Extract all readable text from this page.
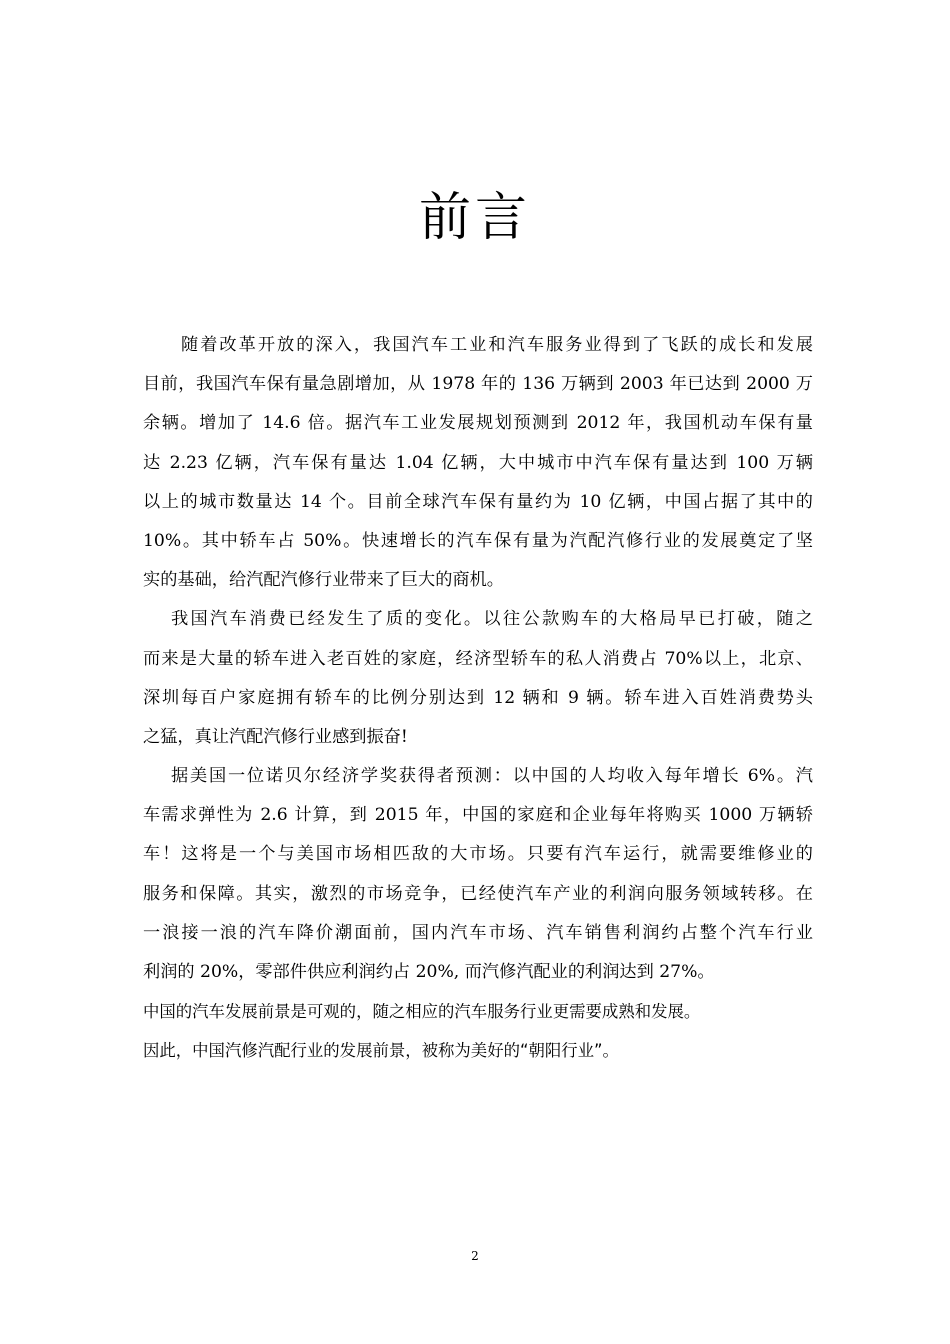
前言
随着改革开放的深入，我国汽车工业和汽车服务业得到了飞跃的成长和发展
目前，我国汽车保有量急剧增加，从 1978 年的 136 万辆到 2003 年已达到 2000 万
余辆。增加了 14.6 倍。据汽车工业发展规划预测到 2012 年，我国机动车保有量
达 2.23 亿辆，汽车保有量达 1.04 亿辆，大中城市中汽车保有量达到 100 万辆
以上的城市数量达 14 个。目前全球汽车保有量约为 10 亿辆，中国占据了其中的
10%。其中轿车占 50%。快速增长的汽车保有量为汽配汽修行业的发展奠定了坚
实的基础，给汽配汽修行业带来了巨大的商机。
我国汽车消费已经发生了质的变化。以往公款购车的大格局早已打破，随之
而来是大量的轿车进入老百姓的家庭，经济型轿车的私人消费占 70%以上，北京、
深圳每百户家庭拥有轿车的比例分别达到 12 辆和 9 辆。轿车进入百姓消费势头
之猛，真让汽配汽修行业感到振奋!
据美国一位诺贝尔经济学奖获得者预测：以中国的人均收入每年增长 6%。汽
车需求弹性为 2.6 计算，到 2015 年，中国的家庭和企业每年将购买 1000 万辆轿
车！这将是一个与美国市场相匹敌的大市场。只要有汽车运行，就需要维修业的
服务和保障。其实，激烈的市场竞争，已经使汽车产业的利润向服务领域转移。在
一浪接一浪的汽车降价潮面前，国内汽车市场、汽车销售利润约占整个汽车行业
利润的 20%，零部件供应利润约占 20%, 而汽修汽配业的利润达到 27%。
中国的汽车发展前景是可观的，随之相应的汽车服务行业更需要成熟和发展。
因此，中国汽修汽配行业的发展前景，被称为美好的“朝阳行业”。
2
